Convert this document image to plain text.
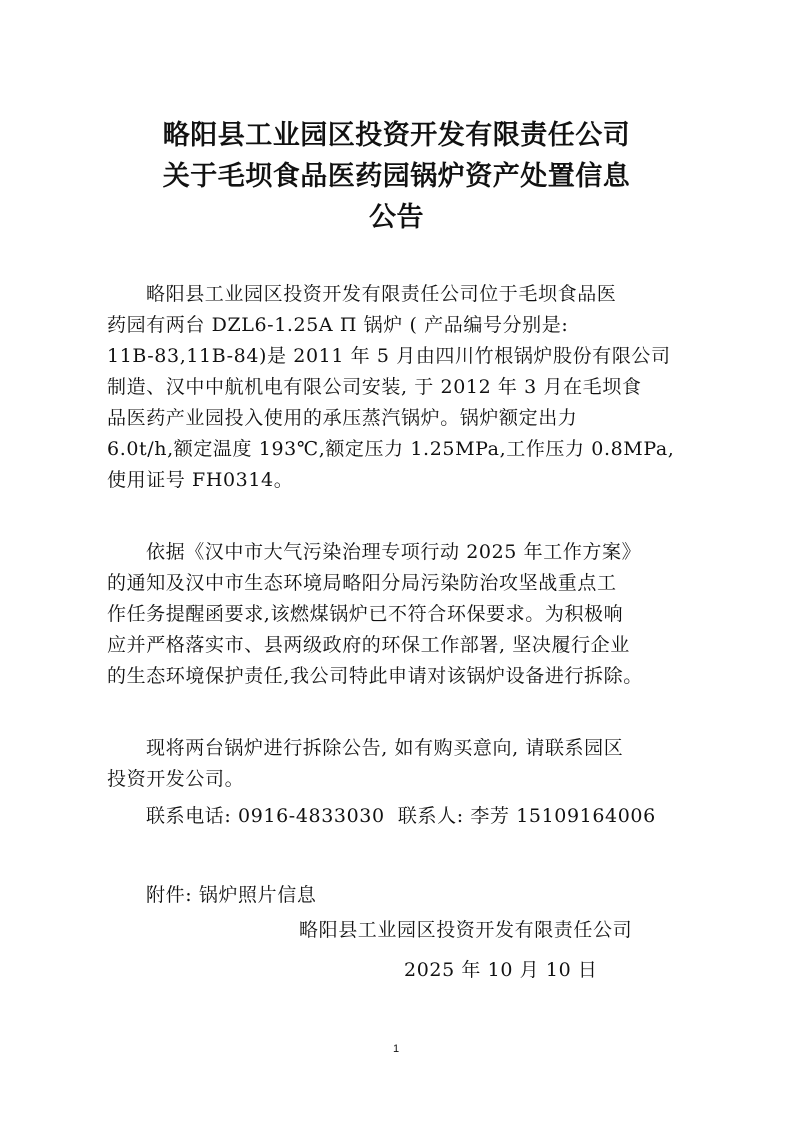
略阳县工业园区投资开发有限责任公司
关于毛坝食品医药园锅炉资产处置信息
公告
略阳县工业园区投资开发有限责任公司位于毛坝食品医
药园有两台 DZL6-1.25A Π 锅炉 ( 产品编号分别是:
11B-83,11B-84)是 2011 年 5 月由四川竹根锅炉股份有限公司
制造、汉中中航机电有限公司安装, 于 2012 年 3 月在毛坝食
品医药产业园投入使用的承压蒸汽锅炉。锅炉额定出力
6.0t/h,额定温度 193℃,额定压力 1.25MPa,工作压力 0.8MPa,
使用证号 FH0314。
依据《汉中市大气污染治理专项行动 2025 年工作方案》
的通知及汉中市生态环境局略阳分局污染防治攻坚战重点工
作任务提醒函要求,该燃煤锅炉已不符合环保要求。为积极响
应并严格落实市、县两级政府的环保工作部署, 坚决履行企业
的生态环境保护责任,我公司特此申请对该锅炉设备进行拆除。
现将两台锅炉进行拆除公告, 如有购买意向, 请联系园区
投资开发公司。
联系电话: 0916-4833030  联系人: 李芳 15109164006
附件: 锅炉照片信息
略阳县工业园区投资开发有限责任公司
2025 年 10 月 10 日
1
